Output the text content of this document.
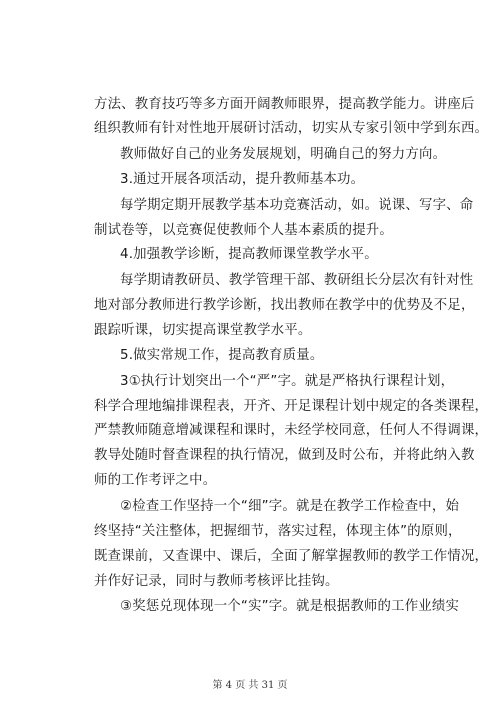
方法、教育技巧等多方面开阔教师眼界，提高教学能力。讲座后
组织教师有针对性地开展研讨活动，切实从专家引领中学到东西。
教师做好自己的业务发展规划，明确自己的努力方向。
3.通过开展各项活动，提升教师基本功。
每学期定期开展教学基本功竞赛活动，如。说课、写字、命
制试卷等，以竞赛促使教师个人基本素质的提升。
4.加强教学诊断，提高教师课堂教学水平。
每学期请教研员、教学管理干部、教研组长分层次有针对性
地对部分教师进行教学诊断，找出教师在教学中的优势及不足，
跟踪听课，切实提高课堂教学水平。
5.做实常规工作，提高教育质量。
3①执行计划突出一个“严”字。就是严格执行课程计划，
科学合理地编排课程表，开齐、开足课程计划中规定的各类课程，
严禁教师随意增减课程和课时，未经学校同意，任何人不得调课，
教导处随时督查课程的执行情况，做到及时公布，并将此纳入教
师的工作考评之中。
②检查工作坚持一个“细”字。就是在教学工作检查中，始
终坚持“关注整体，把握细节，落实过程，体现主体”的原则，
既查课前，又查课中、课后，全面了解掌握教师的教学工作情况，
并作好记录，同时与教师考核评比挂钩。
③奖惩兑现体现一个“实”字。就是根据教师的工作业绩实
第 4 页 共 31 页
